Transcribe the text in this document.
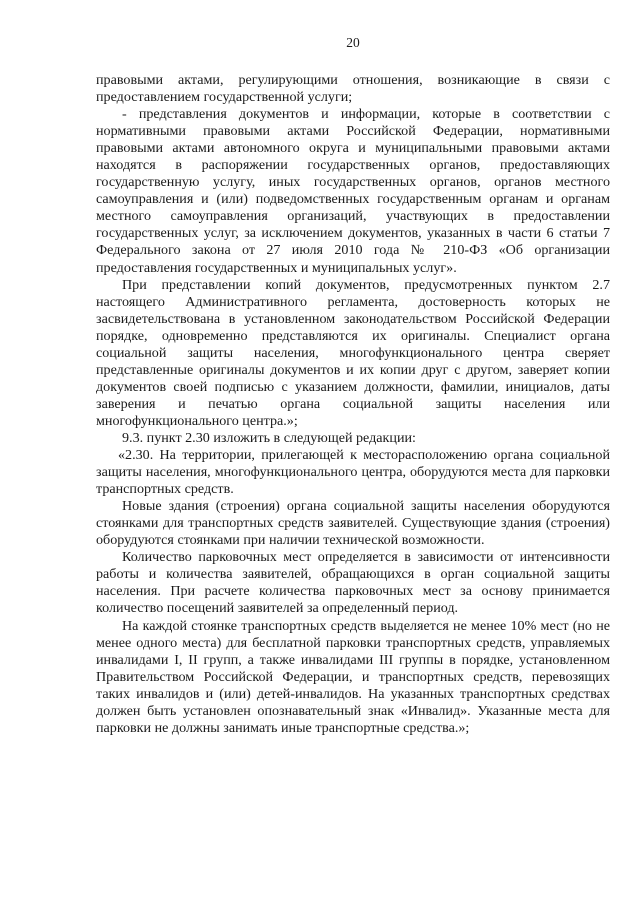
20

правовыми актами, регулирующими отношения, возникающие в связи с предоставлением государственной услуги;

- представления документов и информации, которые в соответствии с нормативными правовыми актами Российской Федерации, нормативными правовыми актами автономного округа и муниципальными правовыми актами находятся в распоряжении государственных органов, предоставляющих государственную услугу, иных государственных органов, органов местного самоуправления и (или) подведомственных государственным органам и органам местного самоуправления организаций, участвующих в предоставлении государственных услуг, за исключением документов, указанных в части 6 статьи 7 Федерального закона от 27 июля 2010 года № 210-ФЗ «Об организации предоставления государственных и муниципальных услуг».

При представлении копий документов, предусмотренных пунктом 2.7 настоящего Административного регламента, достоверность которых не засвидетельствована в установленном законодательством Российской Федерации порядке, одновременно представляются их оригиналы. Специалист органа социальной защиты населения, многофункционального центра сверяет представленные оригиналы документов и их копии друг с другом, заверяет копии документов своей подписью с указанием должности, фамилии, инициалов, даты заверения и печатью органа социальной защиты населения или многофункционального центра.»;

9.3. пункт 2.30 изложить в следующей редакции:

«2.30. На территории, прилегающей к месторасположению органа социальной защиты населения, многофункционального центра, оборудуются места для парковки транспортных средств.

Новые здания (строения) органа социальной защиты населения оборудуются стоянками для транспортных средств заявителей. Существующие здания (строения) оборудуются стоянками при наличии технической возможности.

Количество парковочных мест определяется в зависимости от интенсивности работы и количества заявителей, обращающихся в орган социальной защиты населения. При расчете количества парковочных мест за основу принимается количество посещений заявителей за определенный период.

На каждой стоянке транспортных средств выделяется не менее 10% мест (но не менее одного места) для бесплатной парковки транспортных средств, управляемых инвалидами I, II групп, а также инвалидами III группы в порядке, установленном Правительством Российской Федерации, и транспортных средств, перевозящих таких инвалидов и (или) детей-инвалидов. На указанных транспортных средствах должен быть установлен опознавательный знак «Инвалид». Указанные места для парковки не должны занимать иные транспортные средства.»;
